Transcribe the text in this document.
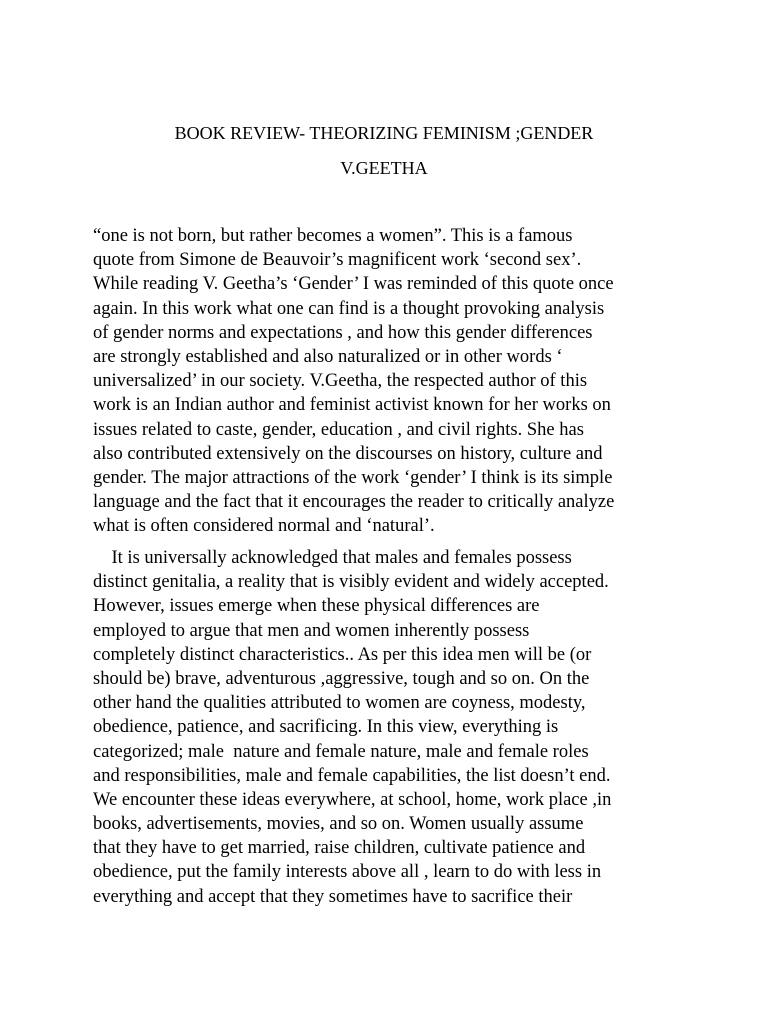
BOOK REVIEW- THEORIZING FEMINISM ;GENDER
V.GEETHA
“one is not born, but rather becomes a women”. This is a famous
quote from Simone de Beauvoir’s magnificent work ‘second sex’.
While reading V. Geetha’s ‘Gender’ I was reminded of this quote once
again. In this work what one can find is a thought provoking analysis
of gender norms and expectations , and how this gender differences
are strongly established and also naturalized or in other words ‘
universalized’ in our society. V.Geetha, the respected author of this
work is an Indian author and feminist activist known for her works on
issues related to caste, gender, education , and civil rights. She has
also contributed extensively on the discourses on history, culture and
gender. The major attractions of the work ‘gender’ I think is its simple
language and the fact that it encourages the reader to critically analyze
what is often considered normal and ‘natural’.
It is universally acknowledged that males and females possess
distinct genitalia, a reality that is visibly evident and widely accepted.
However, issues emerge when these physical differences are
employed to argue that men and women inherently possess
completely distinct characteristics.. As per this idea men will be (or
should be) brave, adventurous ,aggressive, tough and so on. On the
other hand the qualities attributed to women are coyness, modesty,
obedience, patience, and sacrificing. In this view, everything is
categorized; male  nature and female nature, male and female roles
and responsibilities, male and female capabilities, the list doesn’t end.
We encounter these ideas everywhere, at school, home, work place ,in
books, advertisements, movies, and so on. Women usually assume
that they have to get married, raise children, cultivate patience and
obedience, put the family interests above all , learn to do with less in
everything and accept that they sometimes have to sacrifice their
